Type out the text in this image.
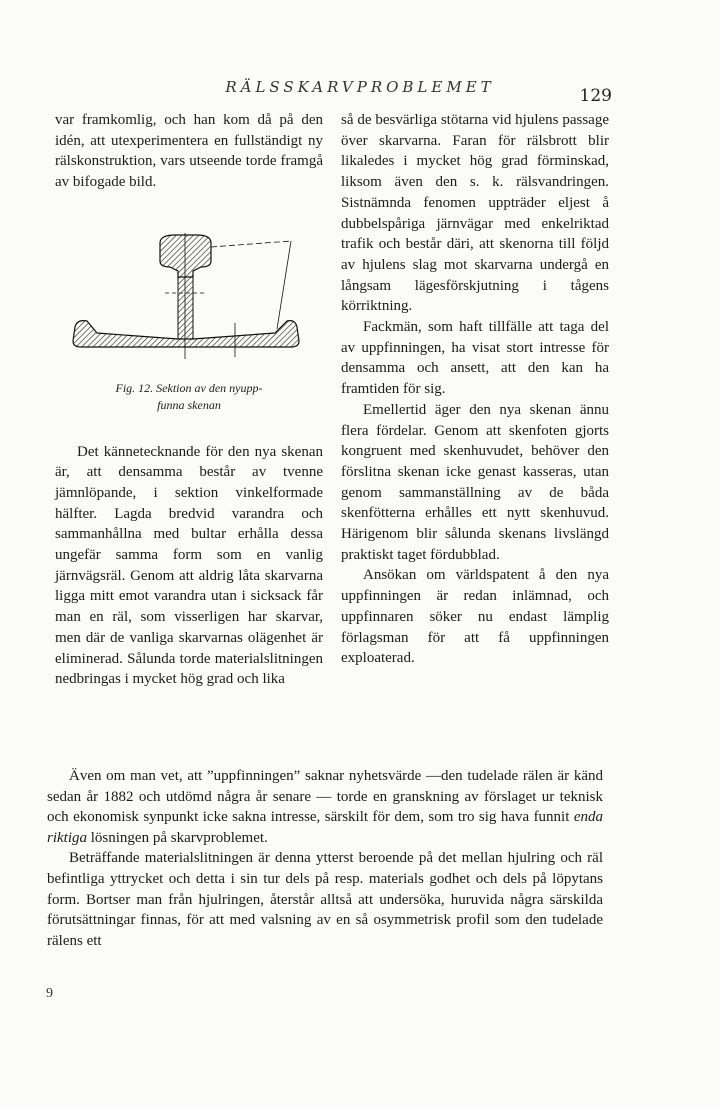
RÄLSSKARVPROBLEMET	129

var framkomlig, och han kom då på den idén, att utexperimentera en fullständigt ny rälskonstruktion, vars utseende torde framgå av bifogade bild.

Fig. 12. Sektion av den nyupp-
funna skenan

Det kännetecknande för den nya skenan är, att densamma består av tvenne jämnlöpande, i sektion vinkelformade hälfter. Lagda bredvid varandra och sammanhållna med bultar erhålla dessa ungefär samma form som en vanlig järnvägsräl. Genom att aldrig låta skarvarna ligga mitt emot varandra utan i sicksack får man en räl, som visserligen har skarvar, men där de vanliga skarvarnas olägenhet är eliminerad. Sålunda torde materialslitningen nedbringas i mycket hög grad och lika

så de besvärliga stötarna vid hjulens passage över skarvarna. Faran för rälsbrott blir likaledes i mycket hög grad förminskad, liksom även den s. k. rälsvandringen. Sistnämnda fenomen uppträder eljest å dubbelspåriga järnvägar med enkelriktad trafik och består däri, att skenorna till följd av hjulens slag mot skarvarna undergå en långsam lägesförskjutning i tågens körriktning.

Fackmän, som haft tillfälle att taga del av uppfinningen, ha visat stort intresse för densamma och ansett, att den kan ha framtiden för sig.

Emellertid äger den nya skenan ännu flera fördelar. Genom att skenfoten gjorts kongruent med skenhuvudet, behöver den förslitna skenan icke genast kasseras, utan genom sammanställning av de båda skenfötterna erhålles ett nytt skenhuvud. Härigenom blir sålunda skenans livslängd praktiskt taget fördubblad.

Ansökan om världspatent å den nya uppfinningen är redan inlämnad, och uppfinnaren söker nu endast lämplig förlagsman för att få uppfinningen exploaterad.

Även om man vet, att ”uppfinningen” saknar nyhetsvärde —den tudelade rälen är känd sedan år 1882 och utdömd några år senare — torde en granskning av förslaget ur teknisk och ekonomisk synpunkt icke sakna intresse, särskilt för dem, som tro sig hava funnit enda riktiga lösningen på skarvproblemet.

Beträffande materialslitningen är denna ytterst beroende på det mellan hjulring och räl befintliga yttrycket och detta i sin tur dels på resp. materials godhet och dels på löpytans form. Bortser man från hjulringen, återstår alltså att undersöka, huruvida några särskilda förutsättningar finnas, för att med valsning av en så osymmetrisk profil som den tudelade rälens ett

9
